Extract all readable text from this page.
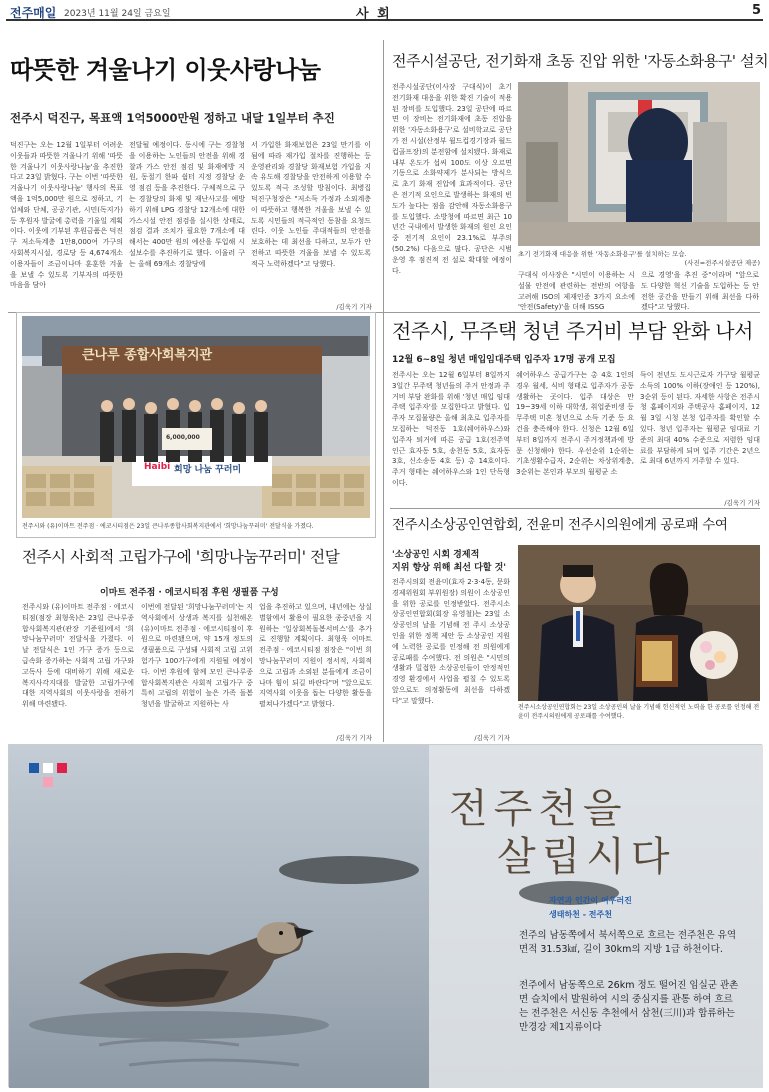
전주매일 2023년 11월 24일 금요일	사 회	5
따뜻한 겨울나기 이웃사랑나눔
전주시 덕진구, 목표액 1억5000만원 정하고 내달 1일부터 추진
덕진구는 오는 12월 1일부터 어려운 이웃들과 따뜻한 겨울나기 위해 '따뜻한 겨울나기 이웃사랑나눔'을 추진한다고 23일 밝혔다. 구는 이번 '따뜻한 겨울나기 이웃사랑나눔' 행사의 목표액을 1억5,000만 원으로 정하고, 기업체와 단체, 공공기관, 시민(독지가) 등 후원자 발굴에 총력을 기울일 계획이다. 이웃에 기부된 후원금품은 덕진구 저소득계층 1만8,000여 가구의 사회복지시설, 경로당 등 4,674개소 이용자들이 조금이나마 훈훈한 겨울을 보낼 수 있도록 기부자의 따뜻한 마음을 담아
전달될 예정이다. 동시에 구는 경찰청을 이용하는 노인들의 안전을 위해 경찰과 가스 안전 점검 및 화재예방 지원, 동절기 한파 쉼터 지정 경찰당 운영 점검 등을 추진한다. 구체적으로 구는 경찰당의 화재 및 재난사고를 예방하기 위해 LPG 경찰당 12개소에 대한 가스시설 안전 점검을 실시한 상태로, 점검 결과 조치가 필요한 7개소에 대해서는 400만 원의 예산을 투입해 시설보수를 추진하기로 했다. 이울러 구는 올해 69개소 경찰당에
서 가입한 화재보험은 23일 만기를 이 됨에 따라 재가입 절차를 진행하는 등 운영관리와 경찰당 화재보험 가입을 지속 유도해 경찰당을 안전하게 이용할 수 있도록 적극 조성할 방침이다. 최병집 덕진구청장은 "저소득 가정과 소외계층이 따뜻하고 행복한 겨울을 보낼 수 있도록 시민들의 적극적인 동참을 요청드린다. 이웃 노인들 주대적들의 안전을 보호하는 데 최선을 다하고, 모두가 안전하고 따뜻한 겨울을 보낼 수 있도록 적극 노력하겠다"고 당했다.
/김욱기 기자
전주시설공단, 전기화재 초동 진압 위한 '자동소화용구' 설치
전주시설공단(이사장 구대식)이 초기 전기화재 대응을 위한 확진 기술이 적용된 장비를 도입했다. 23일 공단에 따르면 이 장비는 전기화재에 초동 진압을 위한 '자동소화용구'로 설비학교로 공단가 전 시설(산정부 월드컵경기장과 월드컵골프장)의 분전함에 설치됐다. 화재로 내부 온도가 섭씨 100도 이상 오르면 기동으로 소화약제가 분사되는 방식으로 초기 화재 진압에 효과적이다. 공단은 전기적 요인으로 발생하는 화재의 빈도가 높다는 점을 감안해 자동소화용구를 도입했다. 소방청에 따르면 최근 10년간 국내에서 발생한 화재의 원인 요인 중 전기적 요인이 23.1%로 부주의(50.2%) 다음으로 많다. 공단은 시범 운영 후 점진적 전 설로 확대할 예정이다.
초기 전기화재 대응을 위한 '자동소화용구'를 설치하는 모습.
(사진=전주시설공단 제공)
구대식 이사장은 "시민이 이용하는 시설물 안전에 관련하는 전반의 여항을 고려해 ISO의 제재인증 3가지 요소에 '안전(Safety)'을 더해 ISSG
으로 경영'을 추진 중"이라며 "앞으로도 다양한 혁신 기술을 도입하는 등 안전한 공간을 만들기 위해 최선을 다하겠다"고 당했다.
큰나루 종합사회복지관
Haibi 희망 나눔 꾸러미
6,000,000
전주시와 (유)이마트 전주점 · 에코시티점은 23일 큰나루종합사회복지관에서 '희망나눔꾸러미' 전달식을 가졌다.
전주시 사회적 고립가구에 '희망나눔꾸러미' 전달
이마트 전주점 · 에코시티점 후원 생필품 구성
전주시와 (유)이마트 전주점 · 에코시티점(점장 최형욱)은 23일 큰나루종합사회복지관(관장 기준원)에서 '희망나눔꾸러미' 전달식을 가졌다. 이날 전달식은 1인 가구 증가 등으로 급속화 증가하는 사회적 고립 가구와 고독사 등에 대비하기 위해 새로운 복지사각지대를 발굴한 고립가구에 대한 지역사회의 이웃사랑을 전하기 위해 마련됐다.
이번에 전달된 '희망나눔꾸러미'는 지역사회에서 상생과 복지를 실천해온 (유)이마트 전주점 · 에코시티점이 후원으로 마련됐으며, 약 15개 정도의 생필품으로 구성돼 사회적 고립 고위험가구 100가구에게 지원될 예정이다. 이번 후원에 함께 모인 큰나루종합사회복지관은 사회적 고립가구 중 특히 고립의 위험이 높은 가족 돌봄청년을 발굴하고 지원하는 사
업을 추진하고 있으며, 내년에는 상실별함에서 활용이 필요한 종중년을 지원하는 '일상회복돌봄서비스'를 추가로 진행할 계획이다. 최형욱 이마트 전주점 · 에코시티점 점장은 "이번 희망나눔꾸러미 지원이 정서적, 사회적으로 고립과 소외된 분들에게 조금이나마 힘이 되길 바란다"며 "앞으로도 지역사회 이웃을 돕는 다양한 활동을 펼쳐나가겠다"고 밝혔다.
/김욱기 기자
전주시, 무주택 청년 주거비 부담 완화 나서
12월 6~8일 청년 매입임대주택 입주자 17명 공개 모집
전주시는 오는 12월 6일부터 8일까지 3일간 무주택 청년들의 주거 안정과 주거비 부담 완화를 위해 '청년 매입 임대주택 입주자'를 모집한다고 밝혔다. 입주자 모집물량은 올해 최초로 입주자를 모집하는 덕진동 1호(쉐어하우스)와 입주자 퇴거에 따른 공급 1호(전주역 인근 효자동 5호, 송천동 5호, 효자동 3호, 신소송동 4호 등) 총 14호이다. 주거 형태는 쉐어하우스와 1인 단독형이다.
쉐어하우스 공급가구는 총 4호 1인의 경우 월세, 식비 형태로 입주자가 공동생활하는 곳이다. 입주 대상은 만 19~39세 이하 대학생, 취업준비생 등 무주택 미혼 청년으로 소득 기준 등 요건을 충족해야 한다. 신청은 12월 6일부터 8일까지 전주시 주거정책과에 방문 신청해야 한다. 우선순위 1순위는 기초생활수급자, 2순위는 차상위계층, 3순위는 본인과 부모의 월평균 소
득이 전년도 도시근로자 가구당 월평균 소득의 100% 이하(장애인 등 120%), 3순위 등이 된다. 자세한 사항은 전주시청 홈페이지와 주택공사 홈페이지, 12월 3일 시청 본청 입주자를 확인할 수 있다. 청년 입주자는 월평균 임대료 기준의 최대 40% 수준으로 저렴한 임대료를 부담하게 되며 입주 기간은 2년으로 최대 6년까지 거주할 수 있다.
/김욱기 기자
전주시소상공인연합회, 전윤미 전주시의원에게 공로패 수여
'소상공인 시회 경제적
지위 향상 위해 최선 다할 것'
전주시의회 전윤미(효자 2·3·4동, 문화경제위원회 부위원장) 의원이 소상공인을 위한 공로를 인정받았다. 전주시소상공인연합회(회장 유영철)는 23일 소상공인의 날을 기념해 전 주시 소상공인을 위한 정책 제안 등 소상공인 지원에 노력한 공로를 인정해 전 의원에게 공로패를 수여했다. 전 의원은 "시민의 생활과 밀접한 소상공인들이 안정적인 경영 환경에서 사업을 펼칠 수 있도록 앞으로도 의정활동에 최선을 다하겠다"고 말했다.
/김욱기 기자
전주시소상공인연합회는 23일 소상공인의 날을 기념해 헌신적인 노력을 한 공로를 인정해 전윤미 전주시의원에게 공로패를 수여했다.
전주천을
살립시다
자연과 인간이 어우러진
생태하천 - 전주천
전주의 남동쪽에서 북서쪽으로 흐르는 전주천은 유역면적 31.53㎢, 길이 30km의 지방 1급 하천이다.
전주에서 남동쪽으로 26km 정도 떨어진 임실군 관촌면 슬치에서 발원하여 시의 중심지를 관통 하여 흐르는 전주천은 서신동 추천에서 삼천(三川)과 합류하는 만경강 제1지류이다
